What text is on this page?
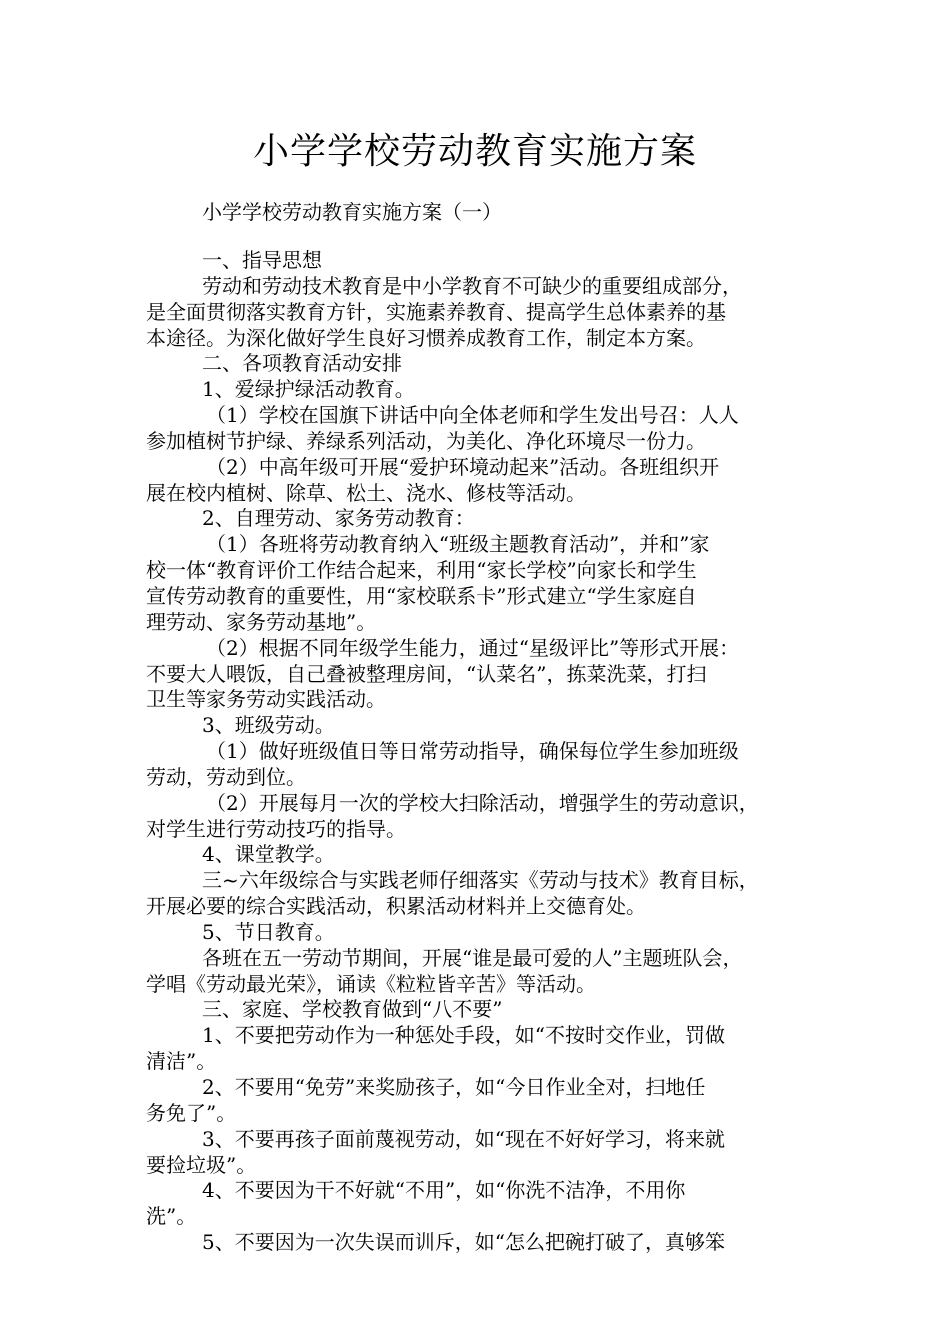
小学学校劳动教育实施方案

小学学校劳动教育实施方案（一）

一、指导思想
劳动和劳动技术教育是中小学教育不可缺少的重要组成部分，
是全面贯彻落实教育方针，实施素养教育、提高学生总体素养的基
本途径。为深化做好学生良好习惯养成教育工作，制定本方案。
二、各项教育活动安排
1、爱绿护绿活动教育。
（1）学校在国旗下讲话中向全体老师和学生发出号召：人人
参加植树节护绿、养绿系列活动，为美化、净化环境尽一份力。
（2）中高年级可开展“爱护环境动起来”活动。各班组织开
展在校内植树、除草、松土、浇水、修枝等活动。
2、自理劳动、家务劳动教育：
（1）各班将劳动教育纳入“班级主题教育活动”，并和”家
校一体“教育评价工作结合起来，利用“家长学校”向家长和学生
宣传劳动教育的重要性，用“家校联系卡”形式建立“学生家庭自
理劳动、家务劳动基地”。
（2）根据不同年级学生能力，通过“星级评比”等形式开展：
不要大人喂饭，自己叠被整理房间，“认菜名”，拣菜洗菜，打扫
卫生等家务劳动实践活动。
3、班级劳动。
（1）做好班级值日等日常劳动指导，确保每位学生参加班级
劳动，劳动到位。
（2）开展每月一次的学校大扫除活动，增强学生的劳动意识，
对学生进行劳动技巧的指导。
4、课堂教学。
三~六年级综合与实践老师仔细落实《劳动与技术》教育目标，
开展必要的综合实践活动，积累活动材料并上交德育处。
5、节日教育。
各班在五一劳动节期间，开展“谁是最可爱的人”主题班队会，
学唱《劳动最光荣》，诵读《粒粒皆辛苦》等活动。
三、家庭、学校教育做到“八不要”
1、不要把劳动作为一种惩处手段，如“不按时交作业，罚做
清洁”。
2、不要用“免劳”来奖励孩子，如“今日作业全对，扫地任
务免了”。
3、不要再孩子面前蔑视劳动，如“现在不好好学习，将来就
要捡垃圾”。
4、不要因为干不好就“不用”，如“你洗不洁净，不用你
洗”。
5、不要因为一次失误而训斥，如“怎么把碗打破了，真够笨
